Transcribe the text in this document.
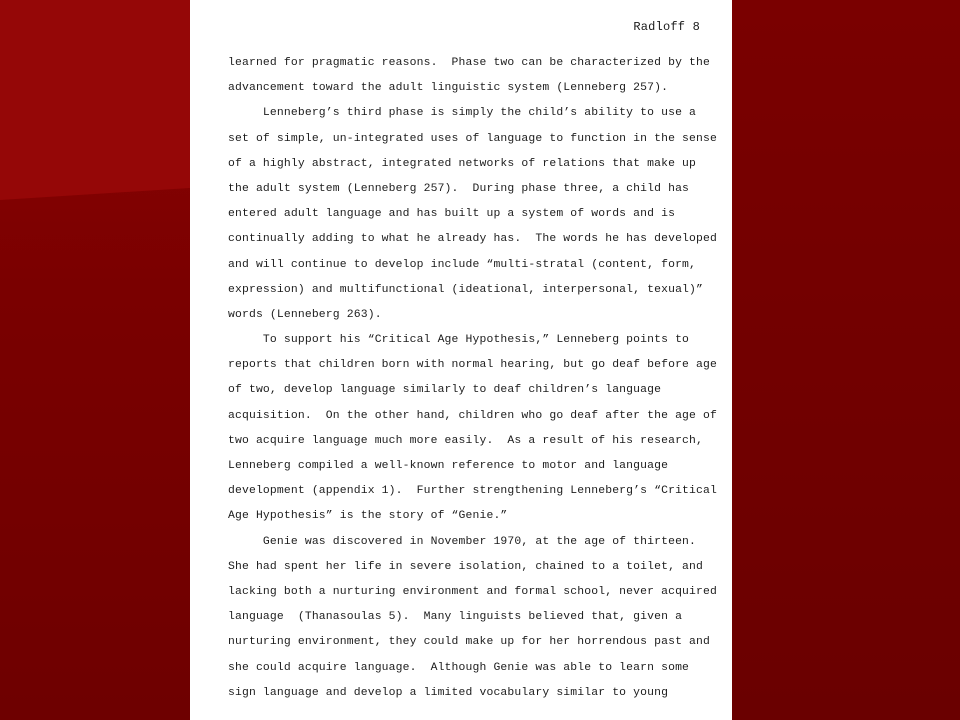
Radloff 8
learned for pragmatic reasons.  Phase two can be characterized by the
advancement toward the adult linguistic system (Lenneberg 257).
Lenneberg’s third phase is simply the child’s ability to use a
set of simple, un-integrated uses of language to function in the sense
of a highly abstract, integrated networks of relations that make up
the adult system (Lenneberg 257).  During phase three, a child has
entered adult language and has built up a system of words and is
continually adding to what he already has.  The words he has developed
and will continue to develop include “multi-stratal (content, form,
expression) and multifunctional (ideational, interpersonal, texual)”
words (Lenneberg 263).
To support his “Critical Age Hypothesis,” Lenneberg points to
reports that children born with normal hearing, but go deaf before age
of two, develop language similarly to deaf children’s language
acquisition.  On the other hand, children who go deaf after the age of
two acquire language much more easily.  As a result of his research,
Lenneberg compiled a well-known reference to motor and language
development (appendix 1).  Further strengthening Lenneberg’s “Critical
Age Hypothesis” is the story of “Genie.”
Genie was discovered in November 1970, at the age of thirteen.
She had spent her life in severe isolation, chained to a toilet, and
lacking both a nurturing environment and formal school, never acquired
language  (Thanasoulas 5).  Many linguists believed that, given a
nurturing environment, they could make up for her horrendous past and
she could acquire language.  Although Genie was able to learn some
sign language and develop a limited vocabulary similar to young
